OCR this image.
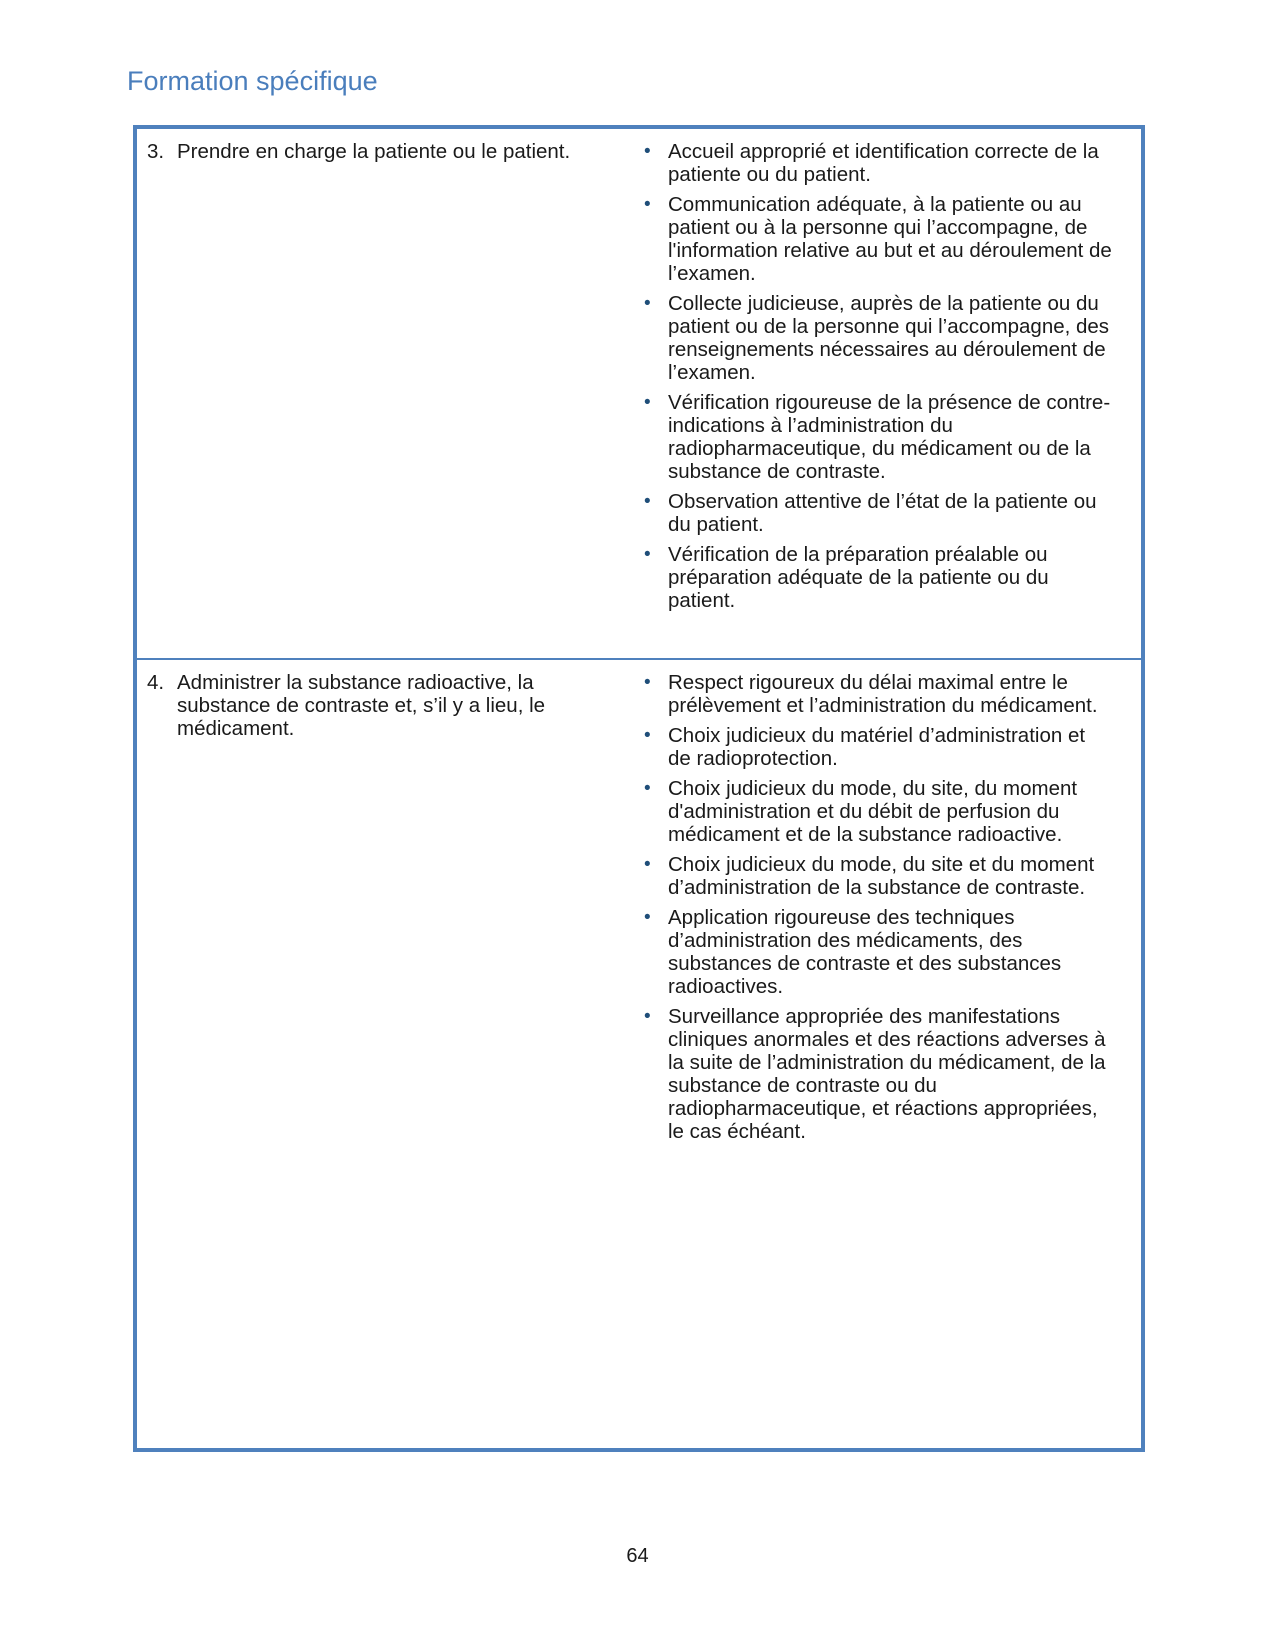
Formation spécifique
3. Prendre en charge la patiente ou le patient.	• Accueil approprié et identification correcte de la patiente ou du patient.
• Communication adéquate, à la patiente ou au patient ou à la personne qui l’accompagne, de l'information relative au but et au déroulement de l’examen.
• Collecte judicieuse, auprès de la patiente ou du patient ou de la personne qui l’accompagne, des renseignements nécessaires au déroulement de l’examen.
• Vérification rigoureuse de la présence de contre-indications à l’administration du radiopharmaceutique, du médicament ou de la substance de contraste.
• Observation attentive de l’état de la patiente ou du patient.
• Vérification de la préparation préalable ou préparation adéquate de la patiente ou du patient.
4. Administrer la substance radioactive, la substance de contraste et, s’il y a lieu, le médicament.
• Respect rigoureux du délai maximal entre le prélèvement et l’administration du médicament.
• Choix judicieux du matériel d’administration et de radioprotection.
• Choix judicieux du mode, du site, du moment d'administration et du débit de perfusion du médicament et de la substance radioactive.
• Choix judicieux du mode, du site et du moment d’administration de la substance de contraste.
• Application rigoureuse des techniques d’administration des médicaments, des substances de contraste et des substances radioactives.
• Surveillance appropriée des manifestations cliniques anormales et des réactions adverses à la suite de l’administration du médicament, de la substance de contraste ou du radiopharmaceutique, et réactions appropriées, le cas échéant.
64
